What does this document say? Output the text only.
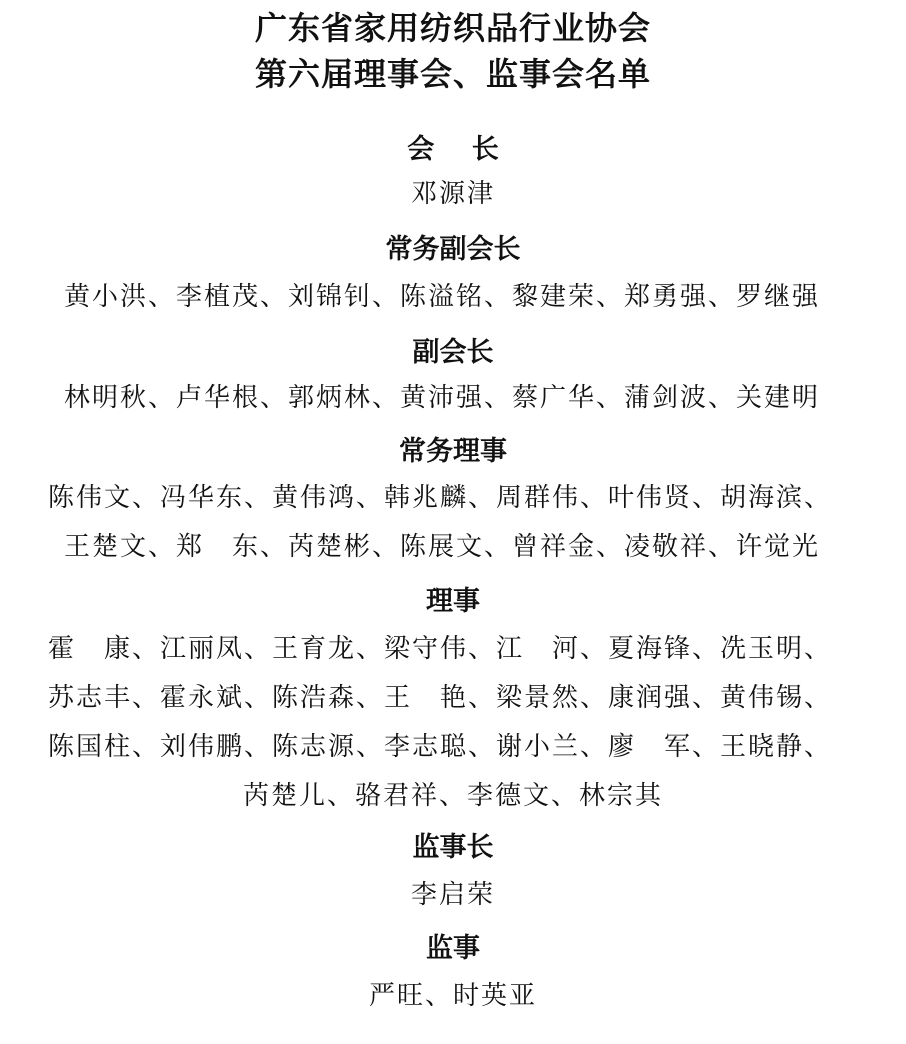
广东省家用纺织品行业协会
第六届理事会、监事会名单
会 长
邓源津
常务副会长
黄小洪、李植茂、刘锦钊、陈溢铭、黎建荣、郑勇强、罗继强
副会长
林明秋、卢华根、郭炳林、黄沛强、蔡广华、蒲剑波、关建明
常务理事
陈伟文、冯华东、黄伟鸿、韩兆麟、周群伟、叶伟贤、胡海滨、
王楚文、郑　东、芮楚彬、陈展文、曾祥金、凌敬祥、许觉光
理事
霍　康、江丽凤、王育龙、梁守伟、江　河、夏海锋、冼玉明、
苏志丰、霍永斌、陈浩森、王　艳、梁景然、康润强、黄伟锡、
陈国柱、刘伟鹏、陈志源、李志聪、谢小兰、廖　军、王晓静、
芮楚儿、骆君祥、李德文、林宗其
监事长
李启荣
监事
严旺、时英亚
